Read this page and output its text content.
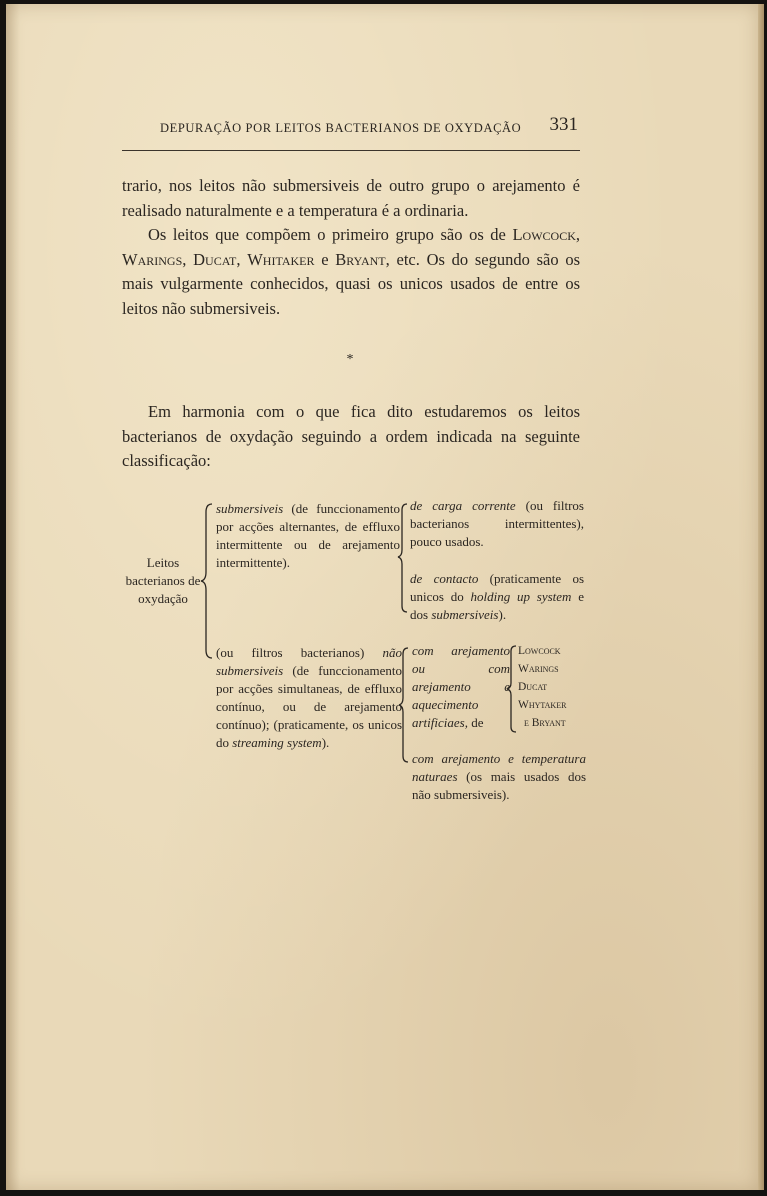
DEPURAÇÃO POR LEITOS BACTERIANOS DE OXYDAÇÃO 331
trario, nos leitos não submersiveis de outro grupo o arejamento é realisado naturalmente e a temperatura é a ordinaria.
Os leitos que compõem o primeiro grupo são os de Lowcock, Warings, Ducat, Whitaker e Bryant, etc. Os do segundo são os mais vulgarmente conhecidos, quasi os unicos usados de entre os leitos não submersiveis.
*

Em harmonia com o que fica dito estudaremos os leitos bacterianos de oxydação seguindo a ordem indicada na seguinte classificação:

Leitos bacterianos de oxydação
submersiveis (de funccionamento por acções alternantes, de effluxo intermittente ou de arejamento intermittente).
(ou filtros bacterianos) não submersiveis (de funccionamento por acções simultaneas, de effluxo contínuo, ou de arejamento contínuo); (praticamente, os unicos do streaming system).
de carga corrente (ou filtros bacterianos intermittentes), pouco usados.
de contacto (praticamente os unicos do holding up system e dos submersiveis).
com arejamento ou com arejamento e aquecimento artificiaes, de
Lowcock
Warings
Ducat
Whytaker
e Bryant
com arejamento e temperatura naturaes (os mais usados dos não submersiveis).
